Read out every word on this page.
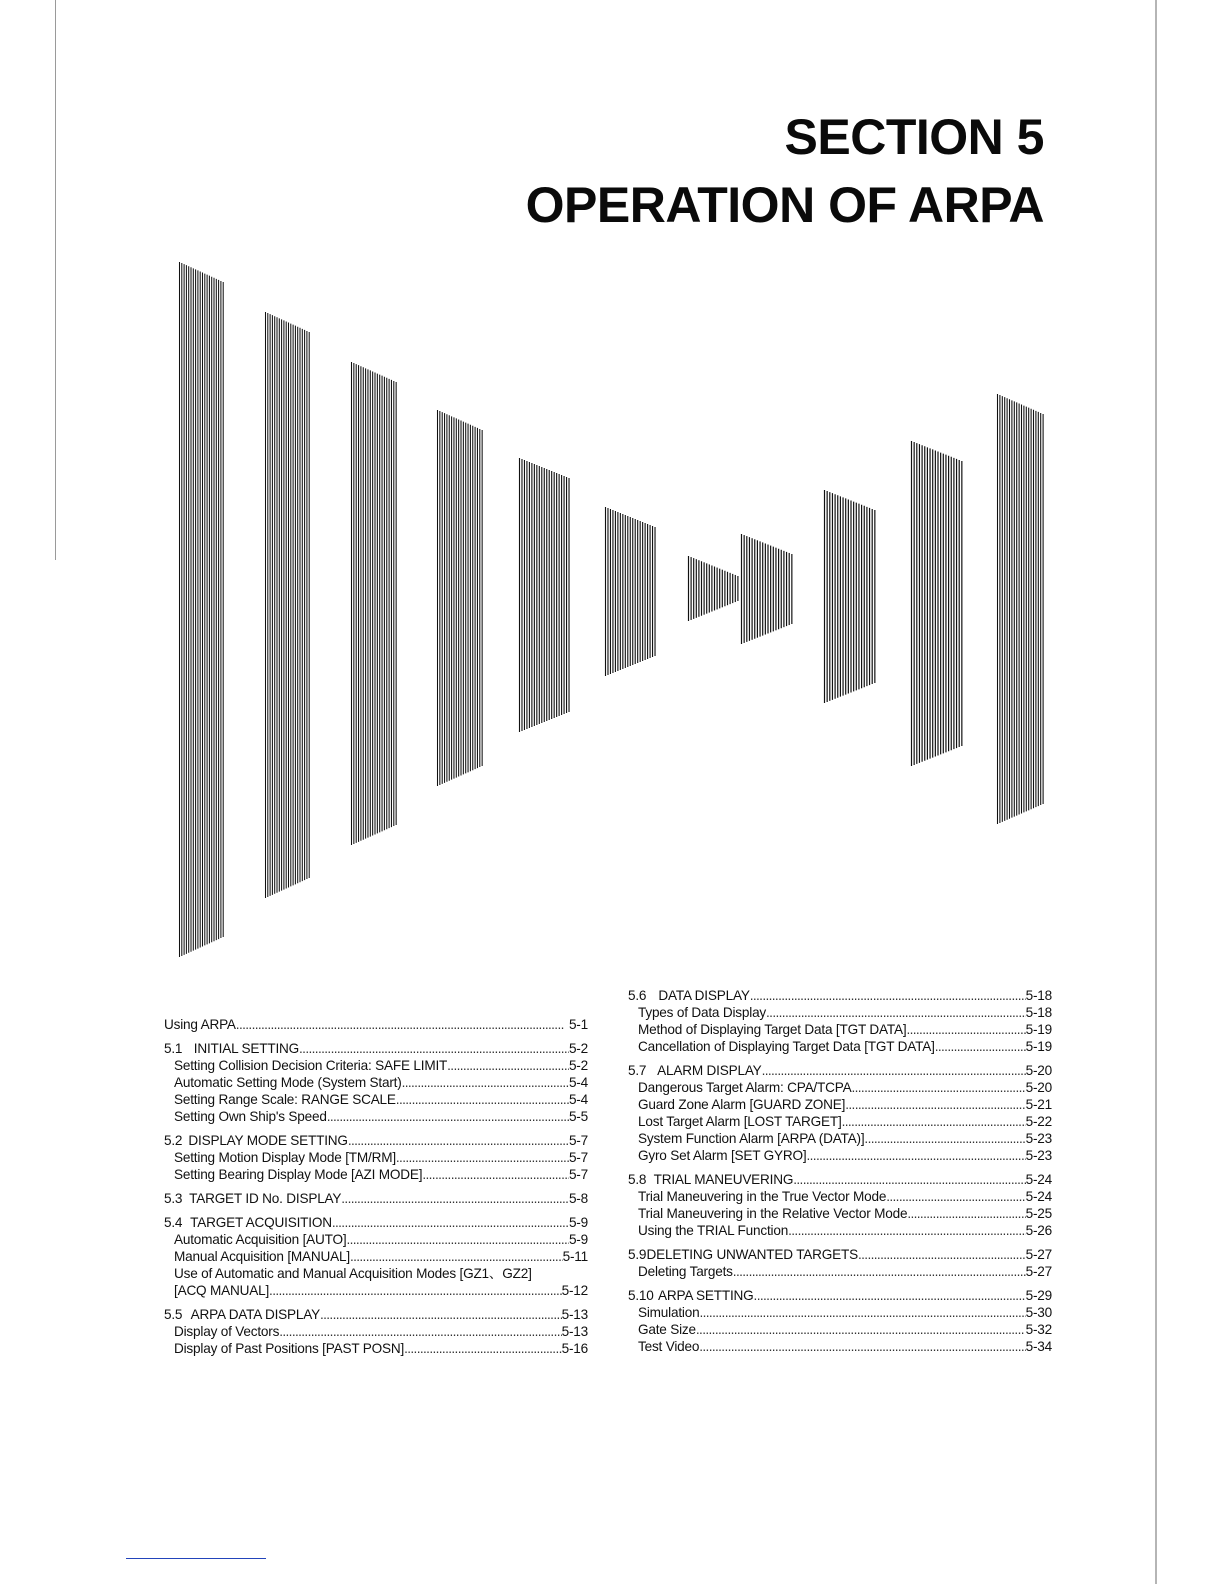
SECTION 5
OPERATION OF ARPA
Using ARPA . . .	5-1
5.1 INITIAL SETTING . . .	5-2
Setting Collision Decision Criteria: SAFE LIMIT . . .	5-2
Automatic Setting Mode (System Start) . . .	5-4
Setting Range Scale: RANGE SCALE . . .	5-4
Setting Own Ship's Speed . . .	5-5
5.2 DISPLAY MODE SETTING . . .	5-7
Setting Motion Display Mode [TM/RM] . . .	5-7
Setting Bearing Display Mode [AZI MODE] . . .	5-7
5.3 TARGET ID No. DISPLAY . . .	5-8
5.4 TARGET ACQUISITION . . .	5-9
Automatic Acquisition [AUTO] . . .	5-9
Manual Acquisition [MANUAL] . . .	5-11
Use of Automatic and Manual Acquisition Modes [GZ1、GZ2]
[ACQ MANUAL] . . .	5-12
5.5 ARPA DATA DISPLAY . . .	5-13
Display of Vectors . . .	5-13
Display of Past Positions [PAST POSN] . . .	5-16
5.6 DATA DISPLAY . . .	5-18
Types of Data Display . . .	5-18
Method of Displaying Target Data [TGT DATA] . . .	5-19
Cancellation of Displaying Target Data [TGT DATA] . . .	5-19
5.7 ALARM DISPLAY . . .	5-20
Dangerous Target Alarm: CPA/TCPA . . .	5-20
Guard Zone Alarm [GUARD ZONE] . . .	5-21
Lost Target Alarm [LOST TARGET] . . .	5-22
System Function Alarm [ARPA (DATA)] . . .	5-23
Gyro Set Alarm [SET GYRO] . . .	5-23
5.8 TRIAL MANEUVERING . . .	5-24
Trial Maneuvering in the True Vector Mode . . .	5-24
Trial Maneuvering in the Relative Vector Mode . . .	5-25
Using the TRIAL Function . . .	5-26
5.9 DELETING UNWANTED TARGETS . . .	5-27
Deleting Targets . . .	5-27
5.10 ARPA SETTING . . .	5-29
Simulation . . .	5-30
Gate Size . . .	5-32
Test Video . . .	5-34
